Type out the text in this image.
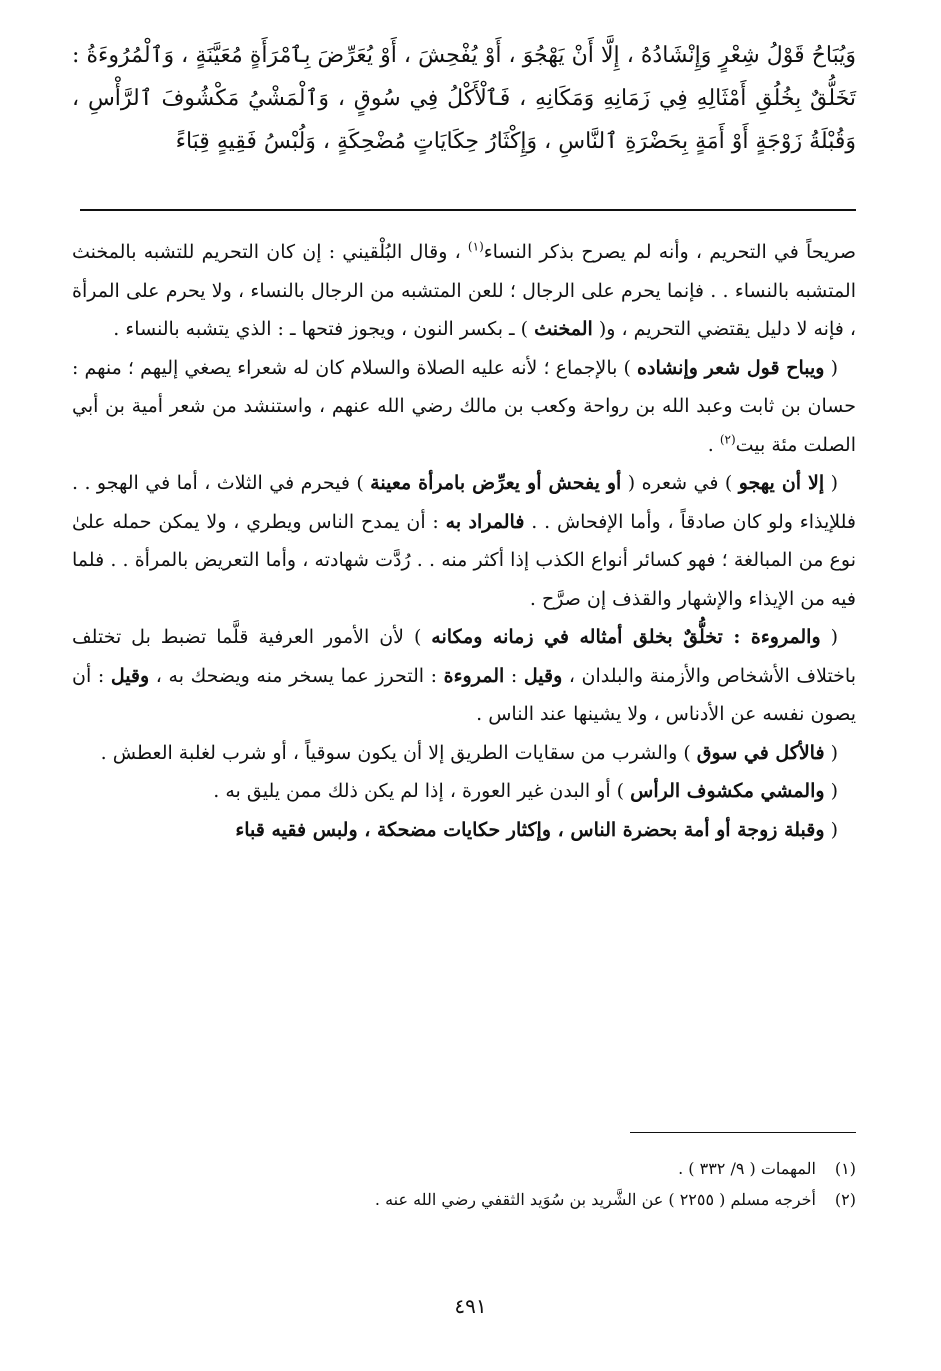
وَيُبَاحُ قَوْلُ شِعْرٍ وَإِنْشَادُهُ ، إِلَّا أَنْ يَهْجُوَ ، أَوْ يُفْحِشَ ، أَوْ يُعَرِّضَ بِٱمْرَأَةٍ مُعَيَّنَةٍ ، وَٱلْمُرُوءَةُ : تَخَلُّقٌ بِخُلُقِ أَمْثَالِهِ فِي زَمَانِهِ وَمَكَانِهِ ، فَٱلْأَكْلُ فِي سُوقٍ ، وَٱلْمَشْيُ مَكْشُوفَ ٱلرَّأْسِ ، وَقُبْلَةُ زَوْجَةٍ أَوْ أَمَةٍ بِحَضْرَةِ ٱلنَّاسِ ، وَإِكْثَارُ حِكَايَاتٍ مُضْحِكَةٍ ، وَلُبْسُ فَقِيهٍ قِبَاءً

صريحاً في التحريم ، وأنه لم يصرح بذكر النساء$^{(١)}$ ، وقال البُلْقيني : إن كان التحريم للتشبه بالمخنث المتشبه بالنساء . . فإنما يحرم على الرجال ؛ للعن المتشبه من الرجال بالنساء ، ولا يحرم على المرأة ، فإنه لا دليل يقتضي التحريم ، و( المخنث ) ـ بكسر النون ، ويجوز فتحها ـ : الذي يتشبه بالنساء .

( ويباح قول شعر وإنشاده ) بالإجماع ؛ لأنه عليه الصلاة والسلام كان له شعراء يصغي إليهم ؛ منهم : حسان بن ثابت وعبد الله بن رواحة وكعب بن مالك رضي الله عنهم ، واستنشد من شعر أمية بن أبي الصلت مئة بيت$^{(٢)}$ .

( إلا أن يهجو ) في شعره ( أو يفحش أو يعرِّض بامرأة معينة ) فيحرم في الثلاث ، أما في الهجو . . فللإيذاء ولو كان صادقاً ، وأما الإفحاش . . فالمراد به : أن يمدح الناس ويطري ، ولا يمكن حمله علىٰ نوع من المبالغة ؛ فهو كسائر أنواع الكذب إذا أكثر منه . . رُدَّت شهادته ، وأما التعريض بالمرأة . . فلما فيه من الإيذاء والإشهار والقذف إن صرَّح .

( والمروءة : تخلُّقٌ بخلق أمثاله في زمانه ومكانه ) لأن الأمور العرفية قلَّما تضبط بل تختلف باختلاف الأشخاص والأزمنة والبلدان ، وقيل : المروءة : التحرز عما يسخر منه ويضحك به ، وقيل : أن يصون نفسه عن الأدناس ، ولا يشينها عند الناس .

( فالأكل في سوق ) والشرب من سقايات الطريق إلا أن يكون سوقياً ، أو شرب لغلبة العطش .

( والمشي مكشوف الرأس ) أو البدن غير العورة ، إذا لم يكن ذلك ممن يليق به .

( وقبلة زوجة أو أمة بحضرة الناس ، وإكثار حكايات مضحكة ، ولبس فقيه قباء

(١)المهمات ( ٩/ ٣٣٢ ) .
(٢)أخرجه مسلم ( ٢٢٥٥ ) عن الشَّريد بن سُوَيد الثقفي رضي الله عنه .
٤٩١
